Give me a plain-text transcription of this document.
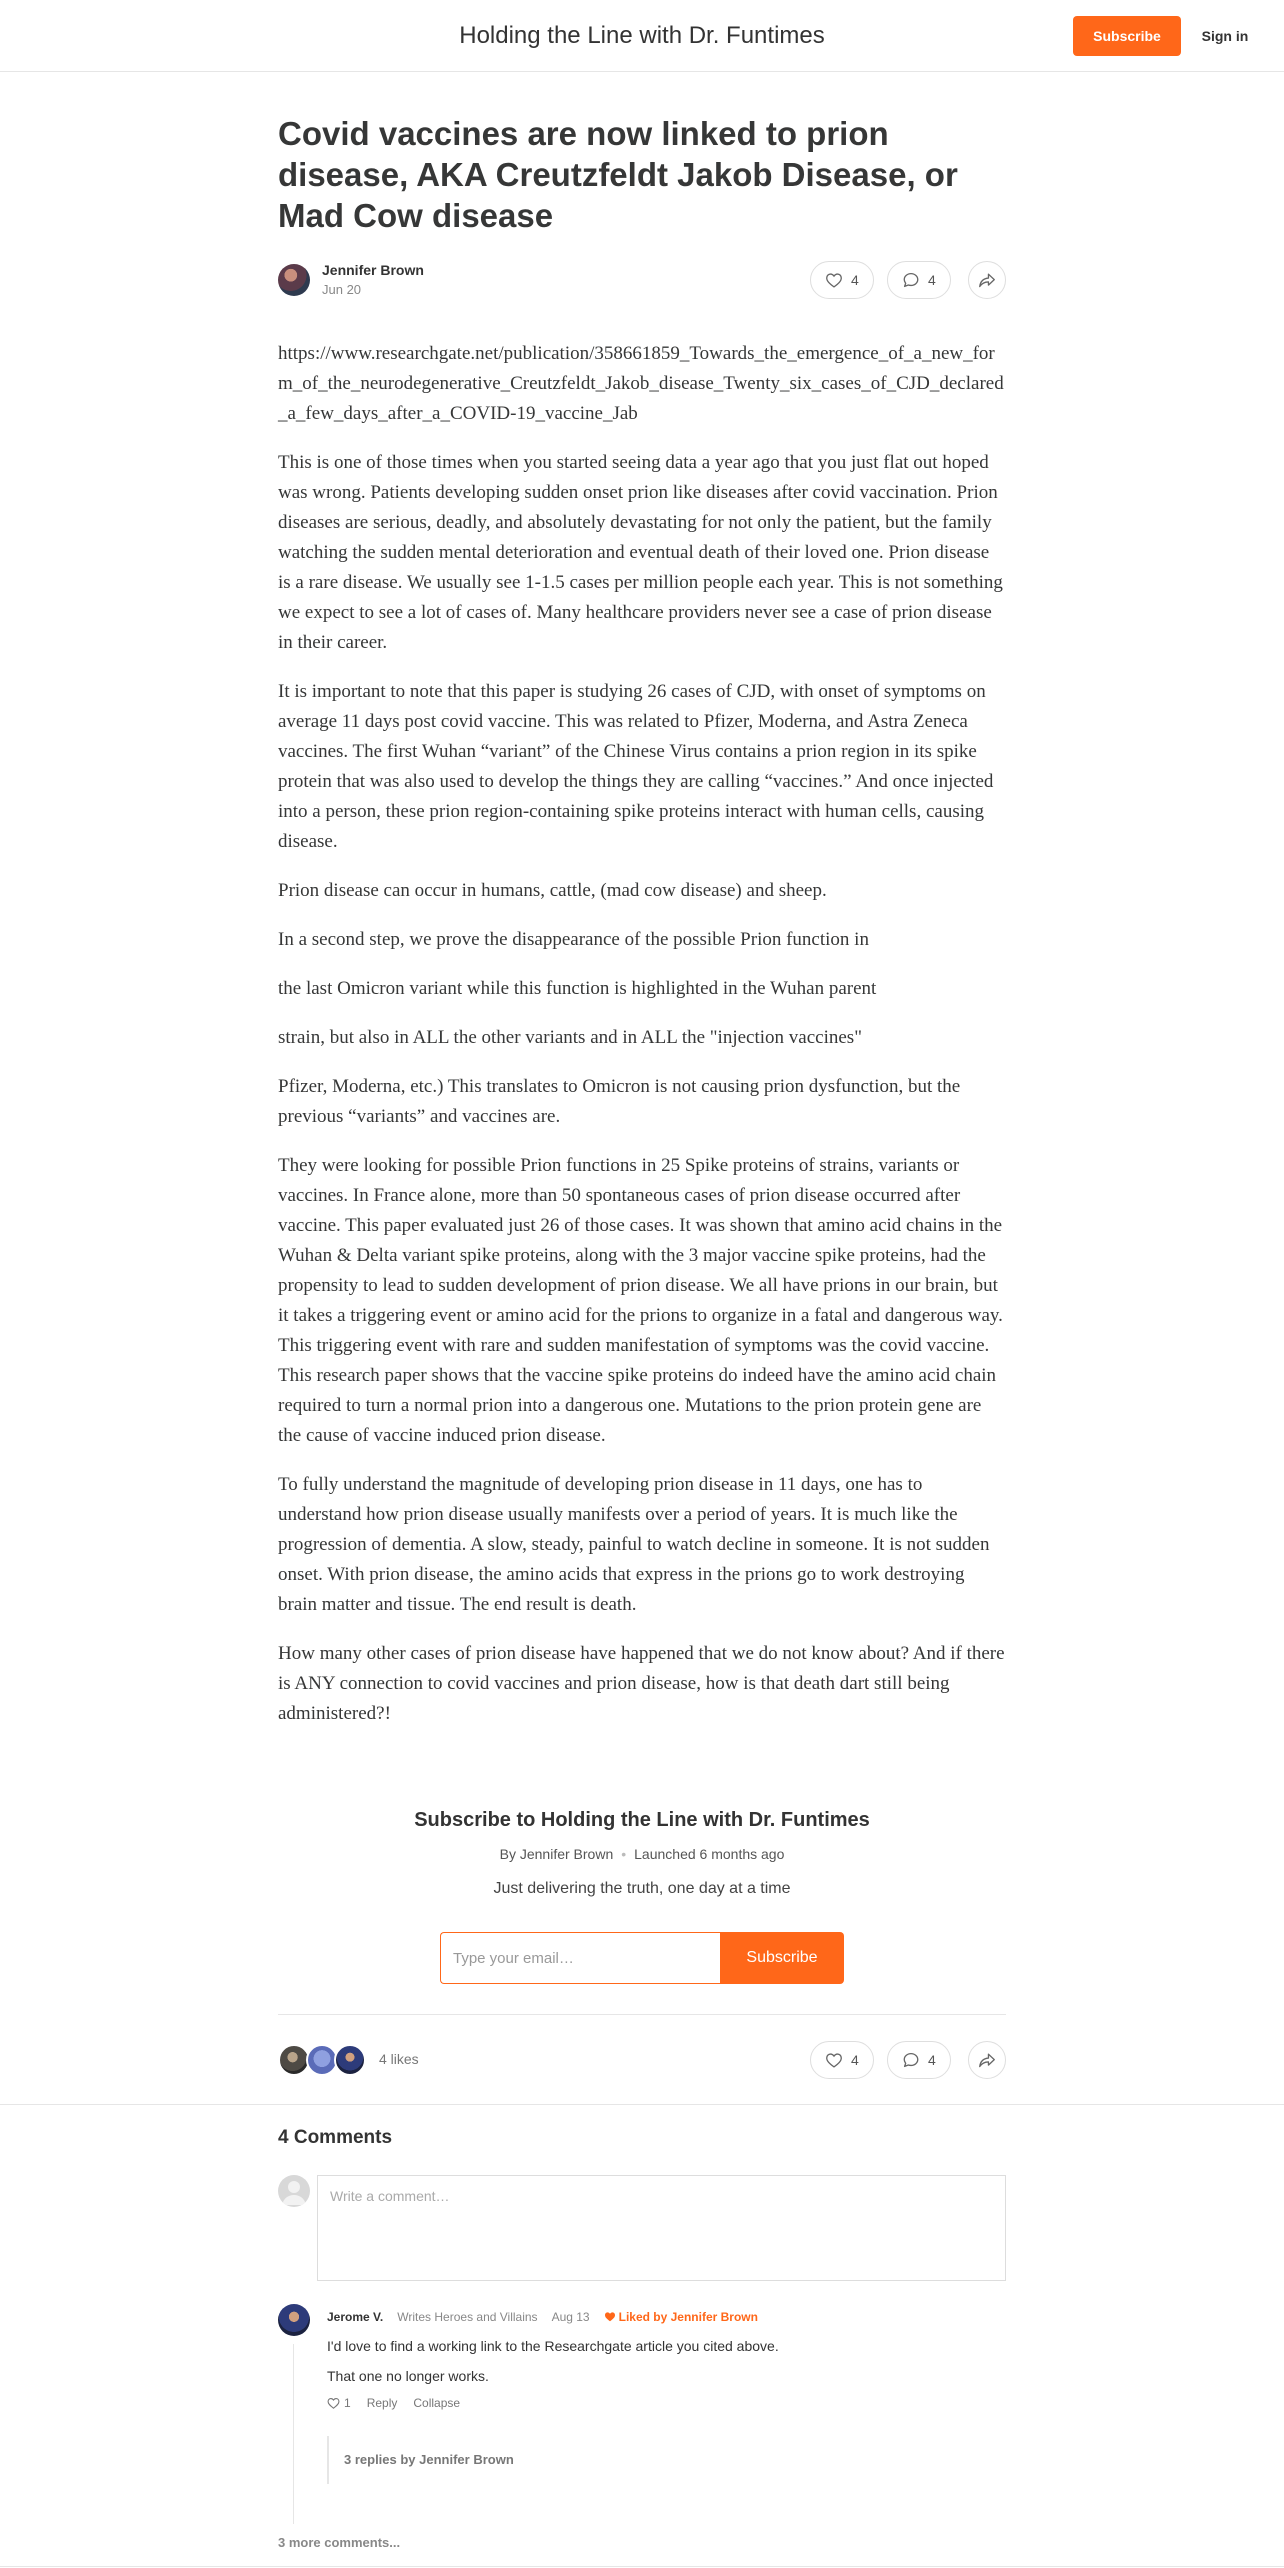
Holding the Line with Dr. Funtimes	Subscribe	Sign in
Covid vaccines are now linked to prion disease, AKA Creutzfeldt Jakob Disease, or Mad Cow disease
Jennifer Brown
Jun 20
4	4

https://www.researchgate.net/publication/358661859_Towards_the_emergence_of_a_new_form_of_the_neurodegenerative_Creutzfeldt_Jakob_disease_Twenty_six_cases_of_CJD_declared_a_few_days_after_a_COVID-19_vaccine_Jab

This is one of those times when you started seeing data a year ago that you just flat out hoped was wrong. Patients developing sudden onset prion like diseases after covid vaccination. Prion diseases are serious, deadly, and absolutely devastating for not only the patient, but the family watching the sudden mental deterioration and eventual death of their loved one. Prion disease is a rare disease. We usually see 1-1.5 cases per million people each year. This is not something we expect to see a lot of cases of. Many healthcare providers never see a case of prion disease in their career.

It is important to note that this paper is studying 26 cases of CJD, with onset of symptoms on average 11 days post covid vaccine. This was related to Pfizer, Moderna, and Astra Zeneca vaccines. The first Wuhan “variant” of the Chinese Virus contains a prion region in its spike protein that was also used to develop the things they are calling “vaccines.” And once injected into a person, these prion region-containing spike proteins interact with human cells, causing disease.

Prion disease can occur in humans, cattle, (mad cow disease) and sheep.

In a second step, we prove the disappearance of the possible Prion function in

the last Omicron variant while this function is highlighted in the Wuhan parent

strain, but also in ALL the other variants and in ALL the "injection vaccines"

Pfizer, Moderna, etc.) This translates to Omicron is not causing prion dysfunction, but the previous “variants” and vaccines are.

They were looking for possible Prion functions in 25 Spike proteins of strains, variants or vaccines. In France alone, more than 50 spontaneous cases of prion disease occurred after vaccine. This paper evaluated just 26 of those cases. It was shown that amino acid chains in the Wuhan & Delta variant spike proteins, along with the 3 major vaccine spike proteins, had the propensity to lead to sudden development of prion disease. We all have prions in our brain, but it takes a triggering event or amino acid for the prions to organize in a fatal and dangerous way. This triggering event with rare and sudden manifestation of symptoms was the covid vaccine. This research paper shows that the vaccine spike proteins do indeed have the amino acid chain required to turn a normal prion into a dangerous one. Mutations to the prion protein gene are the cause of vaccine induced prion disease.

To fully understand the magnitude of developing prion disease in 11 days, one has to understand how prion disease usually manifests over a period of years. It is much like the progression of dementia. A slow, steady, painful to watch decline in someone. It is not sudden onset. With prion disease, the amino acids that express in the prions go to work destroying brain matter and tissue. The end result is death.

How many other cases of prion disease have happened that we do not know about? And if there is ANY connection to covid vaccines and prion disease, how is that death dart still being administered?!

Subscribe to Holding the Line with Dr. Funtimes
By Jennifer Brown • Launched 6 months ago
Just delivering the truth, one day at a time
Type your email…
Subscribe
4 likes	4	4
4 Comments
Write a comment…
Jerome V. Writes Heroes and Villains Aug 13 Liked by Jennifer Brown
I'd love to find a working link to the Researchgate article you cited above.
That one no longer works.
1 Reply Collapse
3 replies by Jennifer Brown
3 more comments...
